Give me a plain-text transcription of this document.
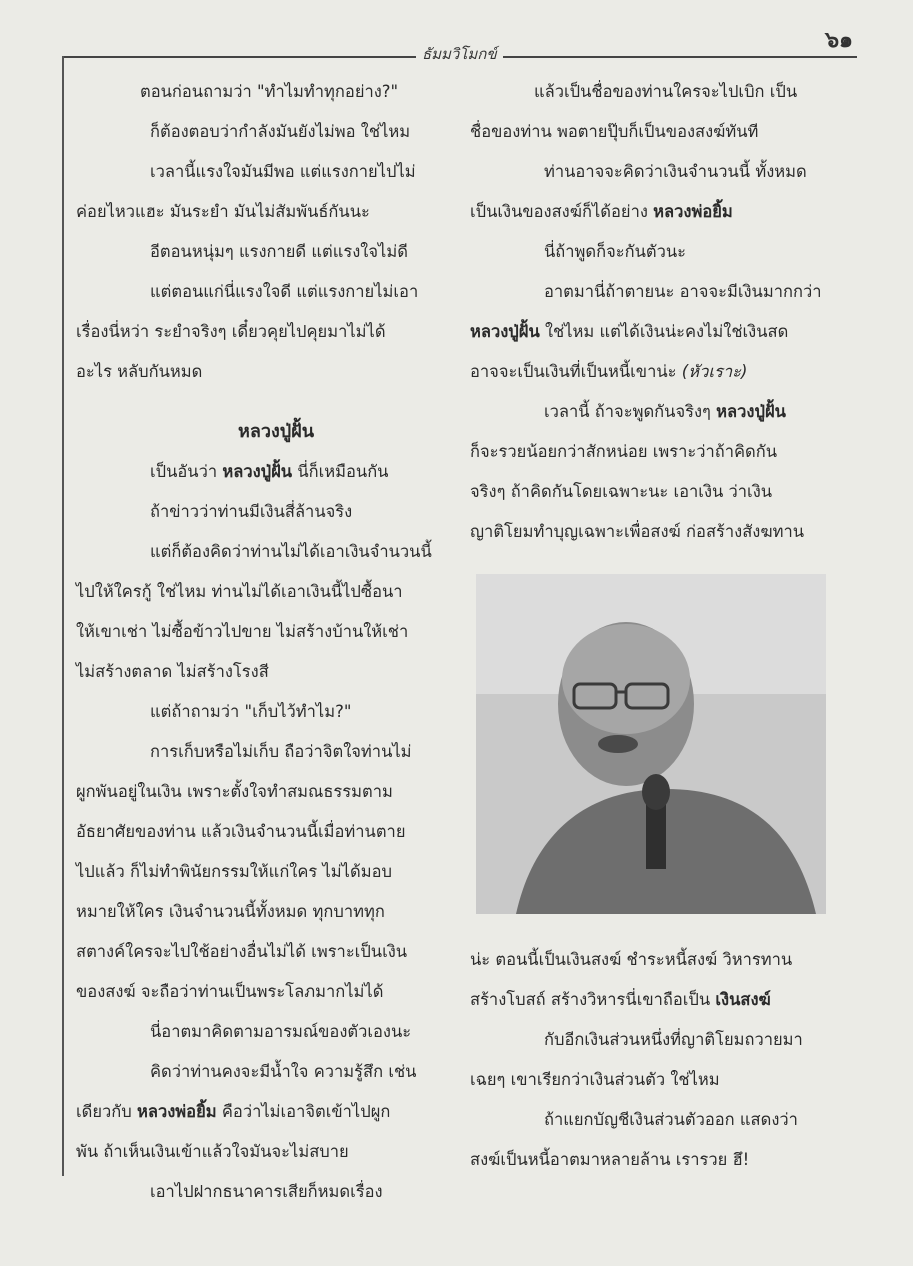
๖๑
ธัมมวิโมกข์
ตอนก่อนถามว่า "ทำไมทำทุกอย่าง?"
ก็ต้องตอบว่ากำลังมันยังไม่พอ ใช่ไหม
เวลานี้แรงใจมันมีพอ แต่แรงกายไปไม่
ค่อยไหวแฮะ มันระยำ มันไม่สัมพันธ์กันนะ
อีตอนหนุ่มๆ แรงกายดี แต่แรงใจไม่ดี
แต่ตอนแก่นี่แรงใจดี แต่แรงกายไม่เอา
เรื่องนี่หว่า ระยำจริงๆ เดี๋ยวคุยไปคุยมาไม่ได้
อะไร หลับกันหมด
หลวงปู่ฝั้น
เป็นอันว่า หลวงปู่ฝั้น นี่ก็เหมือนกัน
ถ้าข่าวว่าท่านมีเงินสี่ล้านจริง
แต่ก็ต้องคิดว่าท่านไม่ได้เอาเงินจำนวนนี้
ไปให้ใครกู้ ใช่ไหม ท่านไม่ได้เอาเงินนี้ไปซื้อนา
ให้เขาเช่า ไม่ซื้อข้าวไปขาย ไม่สร้างบ้านให้เช่า
ไม่สร้างตลาด ไม่สร้างโรงสี
แต่ถ้าถามว่า "เก็บไว้ทำไม?"
การเก็บหรือไม่เก็บ ถือว่าจิตใจท่านไม่
ผูกพันอยู่ในเงิน เพราะตั้งใจทำสมณธรรมตาม
อัธยาศัยของท่าน แล้วเงินจำนวนนี้เมื่อท่านตาย
ไปแล้ว ก็ไม่ทำพินัยกรรมให้แก่ใคร ไม่ได้มอบ
หมายให้ใคร เงินจำนวนนี้ทั้งหมด ทุกบาททุก
สตางค์ใครจะไปใช้อย่างอื่นไม่ได้ เพราะเป็นเงิน
ของสงฆ์ จะถือว่าท่านเป็นพระโลภมากไม่ได้
นี่อาตมาคิดตามอารมณ์ของตัวเองนะ
คิดว่าท่านคงจะมีน้ำใจ ความรู้สึก เช่น
เดียวกับ หลวงพ่อยิ้ม คือว่าไม่เอาจิตเข้าไปผูก
พัน ถ้าเห็นเงินเข้าแล้วใจมันจะไม่สบาย
เอาไปฝากธนาคารเสียก็หมดเรื่อง
แล้วเป็นชื่อของท่านใครจะไปเบิก เป็น
ชื่อของท่าน พอตายปุ๊บก็เป็นของสงฆ์ทันที
ท่านอาจจะคิดว่าเงินจำนวนนี้ ทั้งหมด
เป็นเงินของสงฆ์ก็ได้อย่าง หลวงพ่อยิ้ม
นี่ถ้าพูดก็จะกันตัวนะ
อาตมานี่ถ้าตายนะ อาจจะมีเงินมากกว่า
หลวงปู่ฝั้น ใช่ไหม แต่ได้เงินน่ะคงไม่ใช่เงินสด
อาจจะเป็นเงินที่เป็นหนี้เขาน่ะ (หัวเราะ)
เวลานี้ ถ้าจะพูดกันจริงๆ หลวงปู่ฝั้น
ก็จะรวยน้อยกว่าสักหน่อย เพราะว่าถ้าคิดกัน
จริงๆ ถ้าคิดกันโดยเฉพาะนะ เอาเงิน ว่าเงิน
ญาติโยมทำบุญเฉพาะเพื่อสงฆ์ ก่อสร้างสังฆทาน
น่ะ ตอนนี้เป็นเงินสงฆ์ ชำระหนี้สงฆ์ วิหารทาน
สร้างโบสถ์ สร้างวิหารนี่เขาถือเป็น เงินสงฆ์
กับอีกเงินส่วนหนึ่งที่ญาติโยมถวายมา
เฉยๆ เขาเรียกว่าเงินส่วนตัว ใช่ไหม
ถ้าแยกบัญชีเงินส่วนตัวออก แสดงว่า
สงฆ์เป็นหนี้อาตมาหลายล้าน เรารวย ฮึ!
